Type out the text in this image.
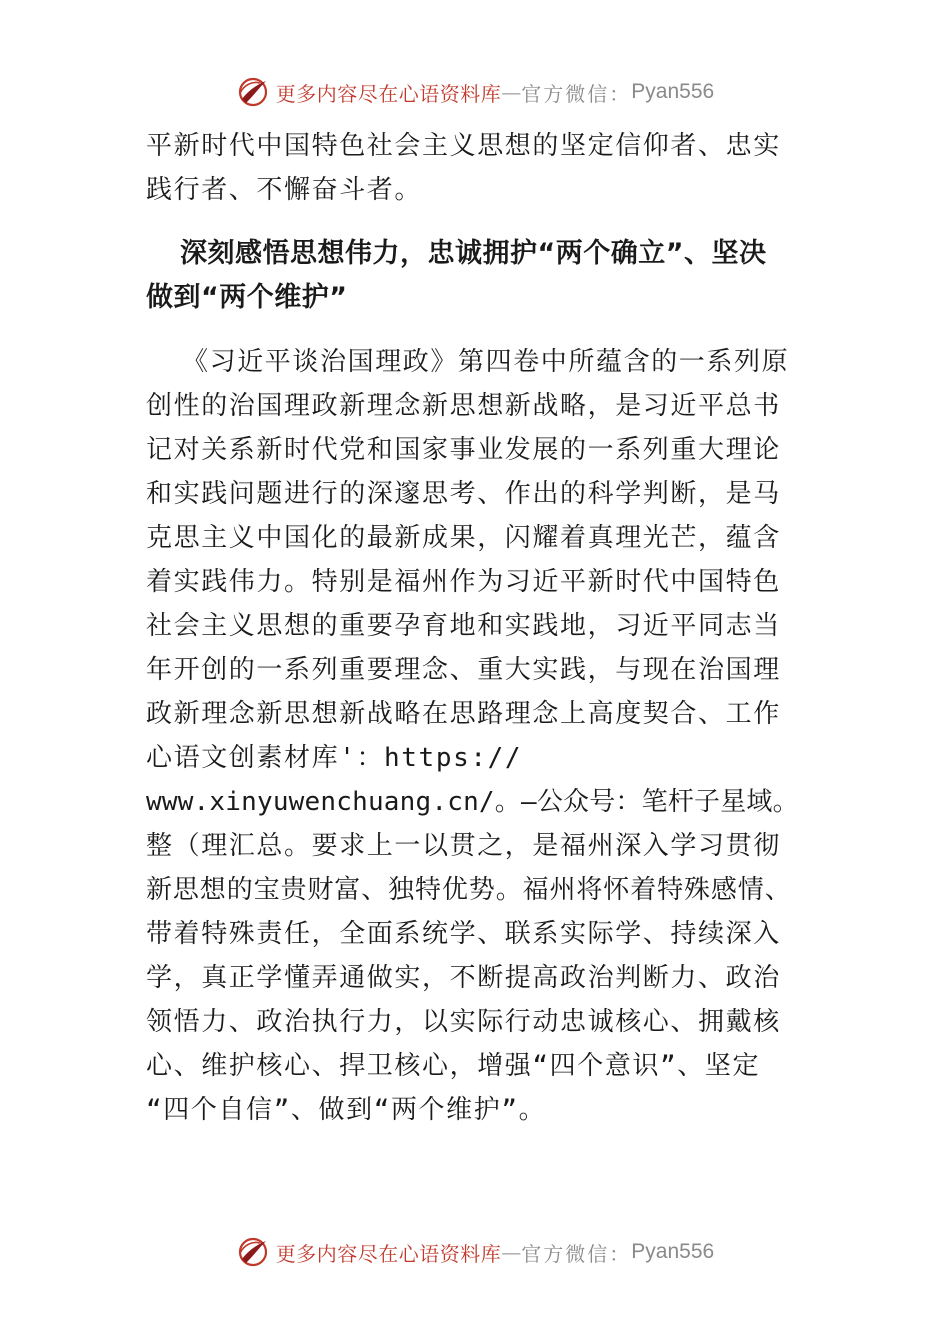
更多内容尽在心语资料库 — 官方微信： Pyan556

平新时代中国特色社会主义思想的坚定信仰者、忠实
践行者、不懈奋斗者。

深刻感悟思想伟力，忠诚拥护“两个确立”、坚决
做到“两个维护”

《习近平谈治国理政》第四卷中所蕴含的一系列原
创性的治国理政新理念新思想新战略，是习近平总书
记对关系新时代党和国家事业发展的一系列重大理论
和实践问题进行的深邃思考、作出的科学判断，是马
克思主义中国化的最新成果，闪耀着真理光芒，蕴含
着实践伟力。特别是福州作为习近平新时代中国特色
社会主义思想的重要孕育地和实践地，习近平同志当
年开创的一系列重要理念、重大实践，与现在治国理
政新理念新思想新战略在思路理念上高度契合、工作
心语文创素材库'：https://
www.xinyuwenchuang.cn/。—公众号：笔杆子星域。
整（理汇总。要求上一以贯之，是福州深入学习贯彻
新思想的宝贵财富、独特优势。福州将怀着特殊感情、
带着特殊责任，全面系统学、联系实际学、持续深入
学，真正学懂弄通做实，不断提高政治判断力、政治
领悟力、政治执行力，以实际行动忠诚核心、拥戴核
心、维护核心、捍卫核心，增强“四个意识”、坚定
“四个自信”、做到“两个维护”。

更多内容尽在心语资料库 — 官方微信： Pyan556
